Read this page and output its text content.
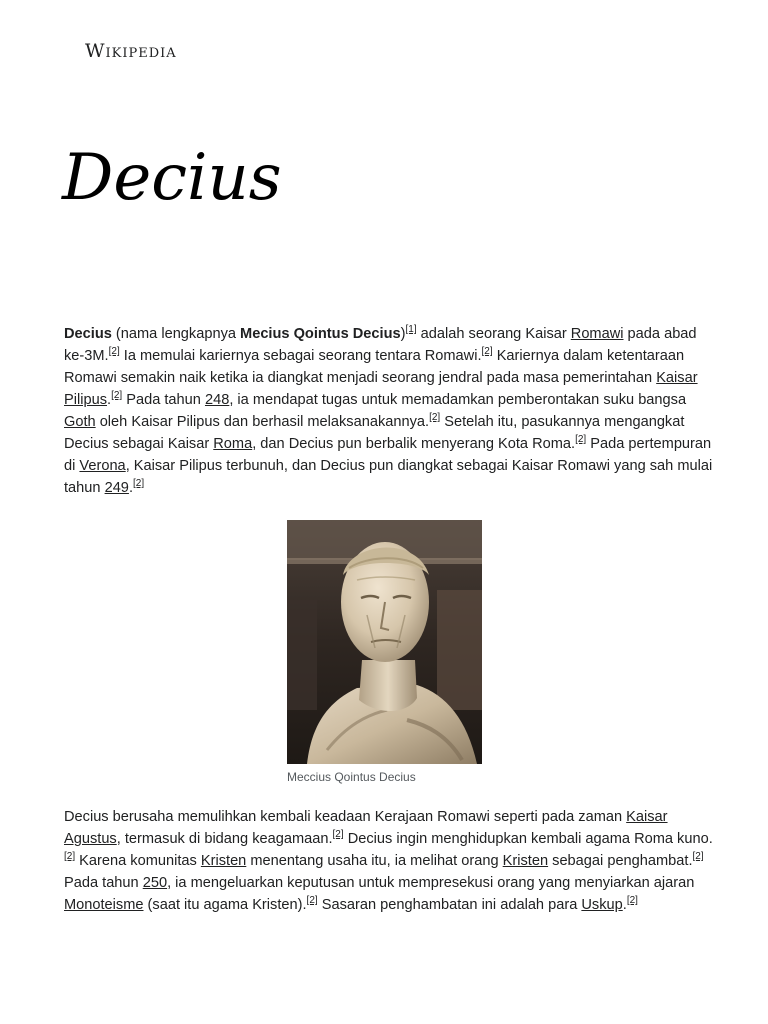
Wikipedia
Decius

Decius (nama lengkapnya Mecius Qointus Decius)[1] adalah seorang Kaisar Romawi pada abad ke-3M.[2] Ia memulai kariernya sebagai seorang tentara Romawi.[2] Kariernya dalam ketentaraan Romawi semakin naik ketika ia diangkat menjadi seorang jendral pada masa pemerintahan Kaisar Pilipus.[2] Pada tahun 248, ia mendapat tugas untuk memadamkan pemberontakan suku bangsa Goth oleh Kaisar Pilipus dan berhasil melaksanakannya.[2] Setelah itu, pasukannya mengangkat Decius sebagai Kaisar Roma, dan Decius pun berbalik menyerang Kota Roma.[2] Pada pertempuran di Verona, Kaisar Pilipus terbunuh, dan Decius pun diangkat sebagai Kaisar Romawi yang sah mulai tahun 249.[2]

Meccius Qointus Decius

Decius berusaha memulihkan kembali keadaan Kerajaan Romawi seperti pada zaman Kaisar Agustus, termasuk di bidang keagamaan.[2] Decius ingin menghidupkan kembali agama Roma kuno.[2] Karena komunitas Kristen menentang usaha itu, ia melihat orang Kristen sebagai penghambat.[2] Pada tahun 250, ia mengeluarkan keputusan untuk mempresekusi orang yang menyiarkan ajaran Monoteisme (saat itu agama Kristen).[2] Sasaran penghambatan ini adalah para Uskup.[2]
